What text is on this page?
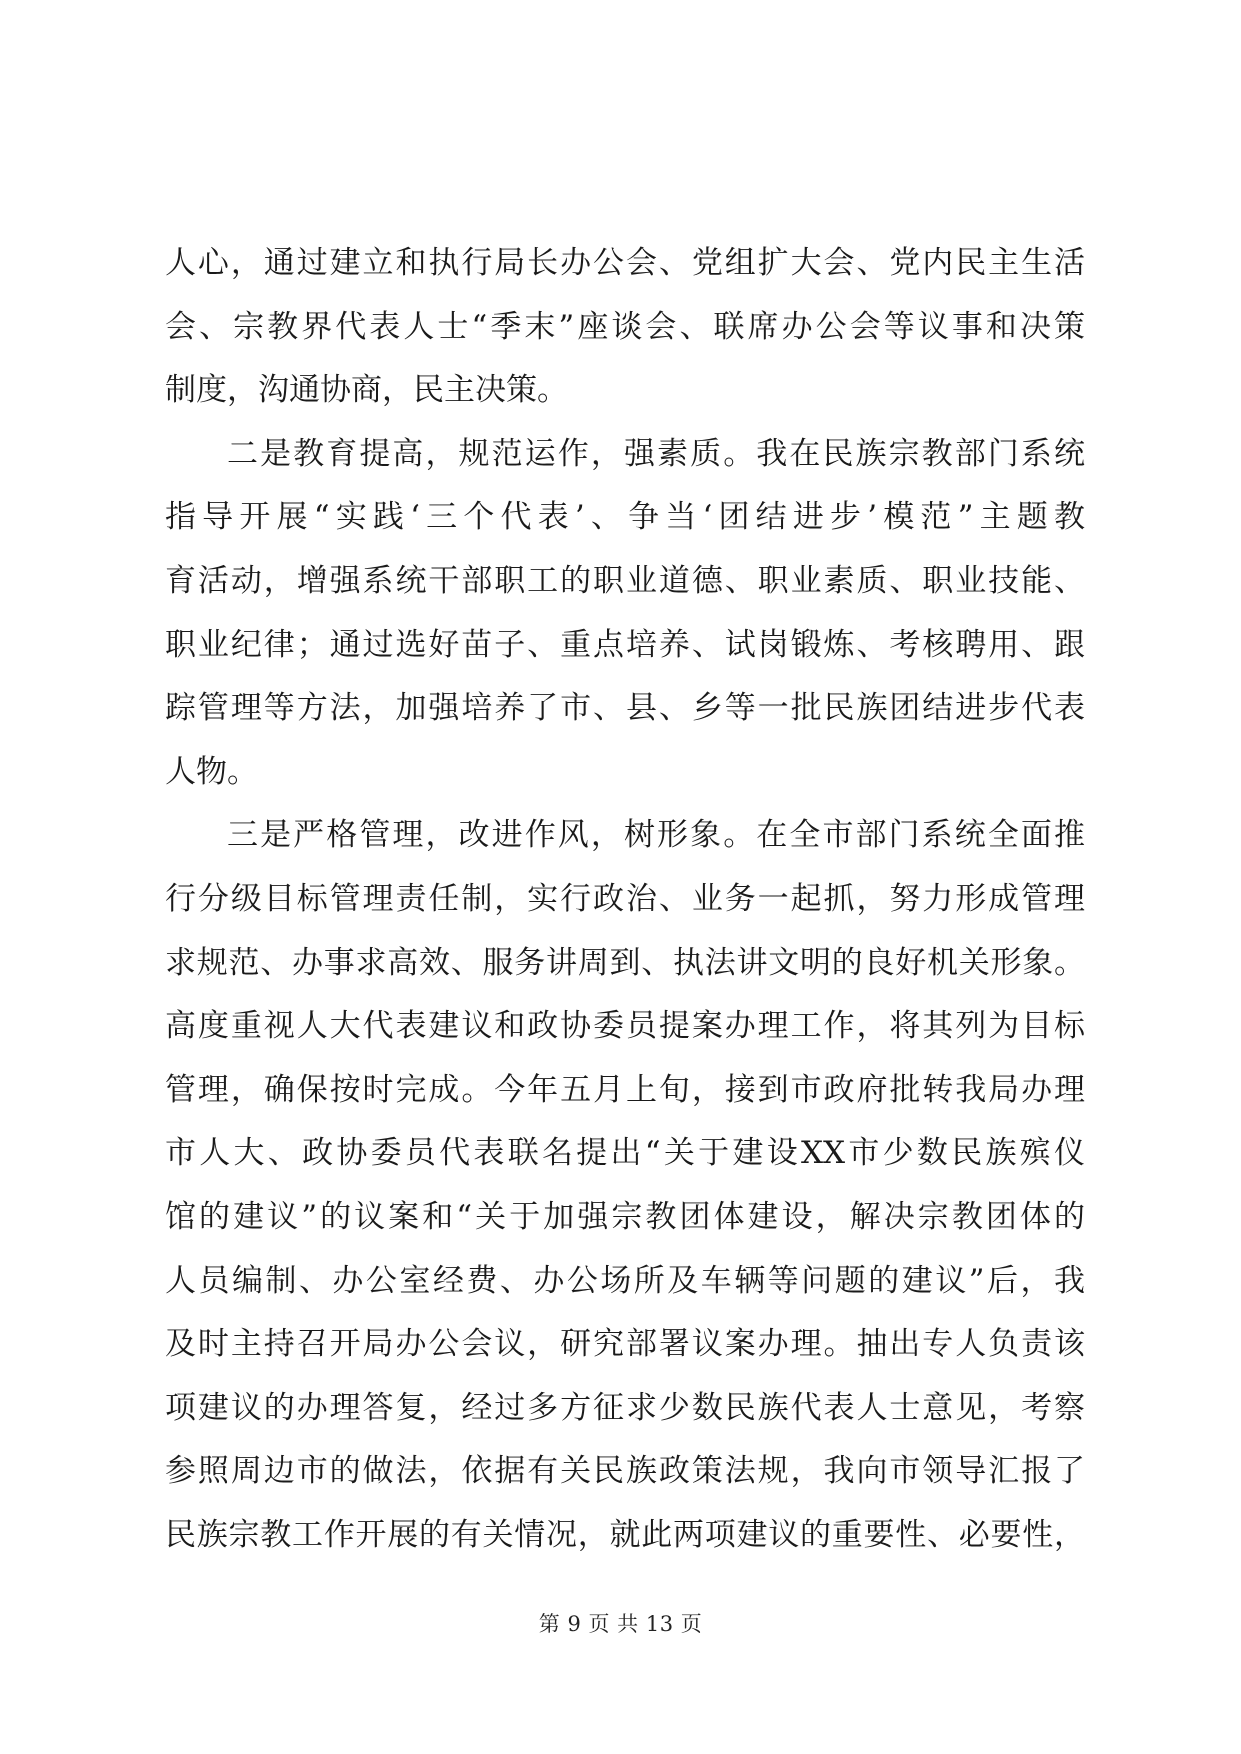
人心，通过建立和执行局长办公会、党组扩大会、党内民主生活
会、宗教界代表人士“季末”座谈会、联席办公会等议事和决策
制度，沟通协商，民主决策。
二是教育提高，规范运作，强素质。我在民族宗教部门系统
指导开展“实践‘三个代表’、争当‘团结进步’模范”主题教
育活动，增强系统干部职工的职业道德、职业素质、职业技能、
职业纪律；通过选好苗子、重点培养、试岗锻炼、考核聘用、跟
踪管理等方法，加强培养了市、县、乡等一批民族团结进步代表
人物。
三是严格管理，改进作风，树形象。在全市部门系统全面推
行分级目标管理责任制，实行政治、业务一起抓，努力形成管理
求规范、办事求高效、服务讲周到、执法讲文明的良好机关形象。
高度重视人大代表建议和政协委员提案办理工作，将其列为目标
管理，确保按时完成。今年五月上旬，接到市政府批转我局办理
市人大、政协委员代表联名提出“关于建设XX市少数民族殡仪
馆的建议”的议案和“关于加强宗教团体建设，解决宗教团体的
人员编制、办公室经费、办公场所及车辆等问题的建议”后，我
及时主持召开局办公会议，研究部署议案办理。抽出专人负责该
项建议的办理答复，经过多方征求少数民族代表人士意见，考察
参照周边市的做法，依据有关民族政策法规，我向市领导汇报了
民族宗教工作开展的有关情况，就此两项建议的重要性、必要性，
第 9 页 共 13 页
